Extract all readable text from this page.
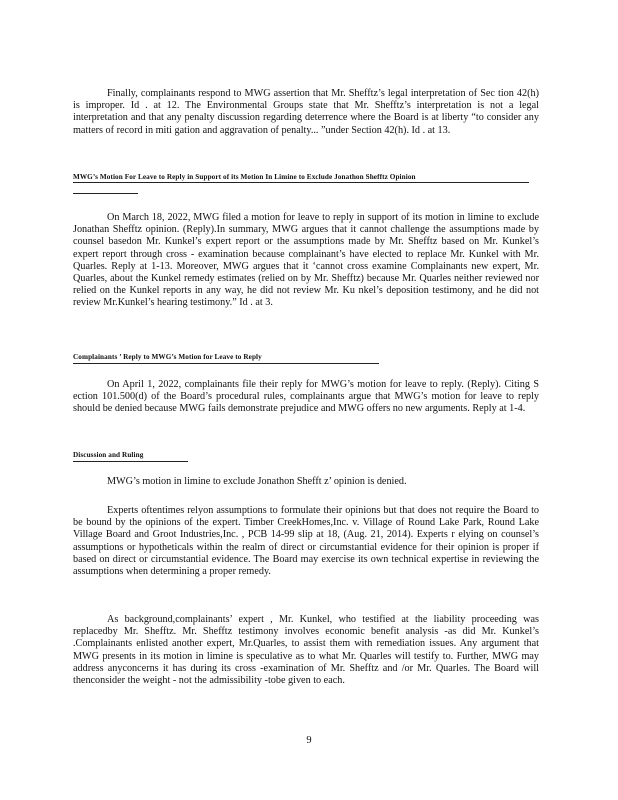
Finally, complainants respond to MWG assertion that Mr. Shefftz’s legal interpretation of Sec tion 42(h) is improper. Id . at 12. The Environmental Groups state that Mr. Shefftz’s interpretation is not a legal interpretation and that any penalty discussion regarding deterrence where the Board is at liberty “to consider any matters of record in miti gation and aggravation of penalty... ”under Section 42(h). Id . at 13.

MWG’s Motion For Leave to Reply in Support of its Motion In Limine to Exclude Jonathon Shefftz Opinion

On March 18, 2022, MWG filed a motion for leave to reply in support of its motion in limine to exclude Jonathan Shefftz opinion. (Reply).In summary, MWG argues that it cannot challenge the assumptions made by counsel basedon Mr. Kunkel’s expert report or the assumptions made by Mr. Shefftz based on Mr. Kunkel’s expert report through cross - examination because complainant’s have elected to replace Mr. Kunkel with Mr. Quarles. Reply at 1-13. Moreover, MWG argues that it ‘cannot cross examine Complainants new expert, Mr. Quarles, about the Kunkel remedy estimates (relied on by Mr. Shefftz) because Mr. Quarles neither reviewed nor relied on the Kunkel reports in any way, he did not review Mr. Ku nkel’s deposition testimony, and he did not review Mr.Kunkel’s hearing testimony.” Id . at 3.

Complainants ’ Reply to MWG’s Motion for Leave to Reply

On April 1, 2022, complainants file their reply for MWG’s motion for leave to reply. (Reply). Citing S ection 101.500(d) of the Board’s procedural rules, complainants argue that MWG’s motion for leave to reply should be denied because MWG fails demonstrate prejudice and MWG offers no new arguments. Reply at 1-4.

Discussion and Ruling

MWG’s motion in limine to exclude Jonathon Shefft z’ opinion is denied.

Experts oftentimes relyon assumptions to formulate their opinions but that does not require the Board to be bound by the opinions of the expert. Timber CreekHomes,Inc. v. Village of Round Lake Park, Round Lake Village Board and Groot Industries,Inc. , PCB 14-99 slip at 18, (Aug. 21, 2014). Experts r elying on counsel’s assumptions or hypotheticals within the realm of direct or circumstantial evidence for their opinion is proper if based on direct or circumstantial evidence. The Board may exercise its own technical expertise in reviewing the assumptions when determining a proper remedy.

As background,complainants’ expert , Mr. Kunkel, who testified at the liability proceeding was replacedby Mr. Shefftz. Mr. Shefftz testimony involves economic benefit analysis -as did Mr. Kunkel’s .Complainants enlisted another expert, Mr.Quarles, to assist them with remediation issues. Any argument that MWG presents in its motion in limine is speculative as to what Mr. Quarles will testify to. Further, MWG may address anyconcerns it has during its cross -examination of Mr. Shefftz and /or Mr. Quarles. The Board will thenconsider the weight - not the admissibility -tobe given to each.

9
